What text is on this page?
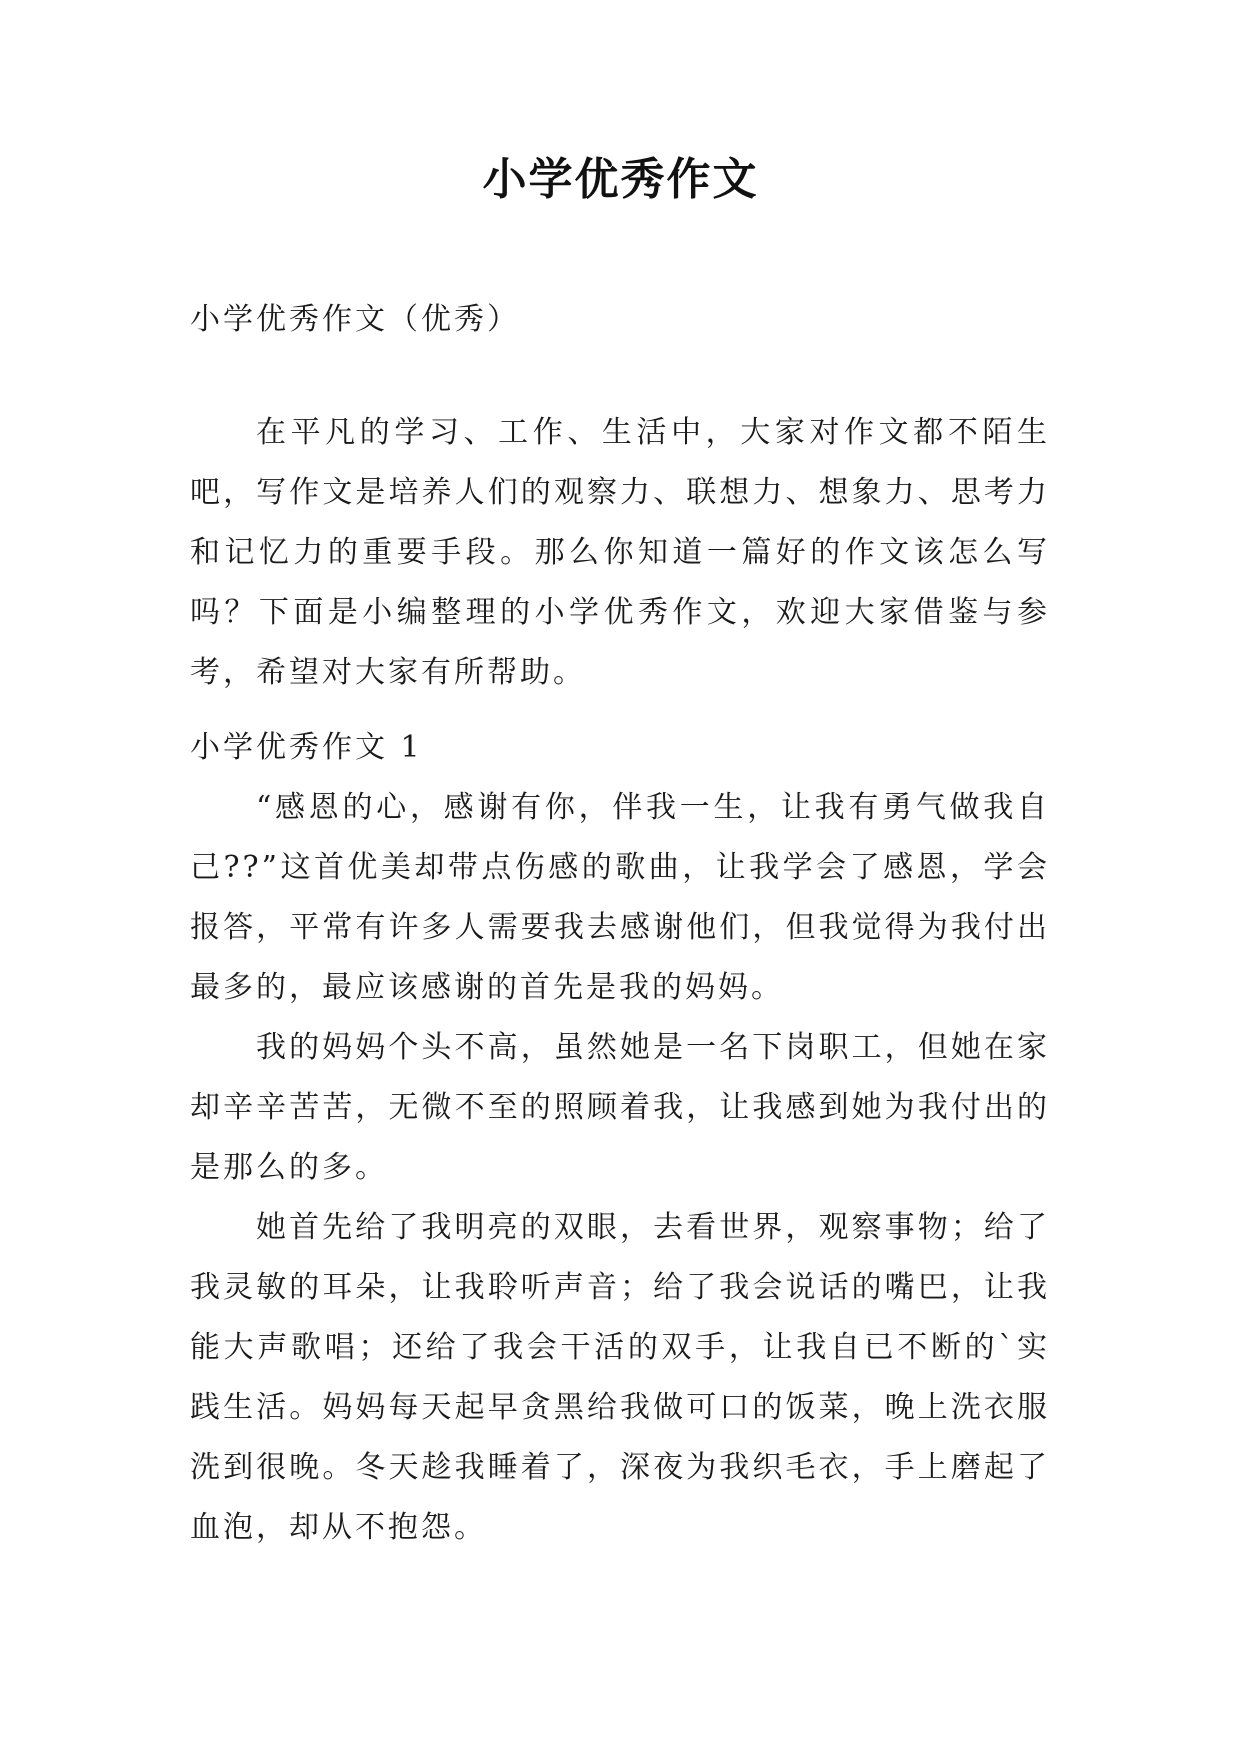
小学优秀作文
小学优秀作文（优秀）

在平凡的学习、工作、生活中，大家对作文都不陌生吧，写作文是培养人们的观察力、联想力、想象力、思考力和记忆力的重要手段。那么你知道一篇好的作文该怎么写吗？下面是小编整理的小学优秀作文，欢迎大家借鉴与参考，希望对大家有所帮助。

小学优秀作文 1

“感恩的心，感谢有你，伴我一生，让我有勇气做我自己??”这首优美却带点伤感的歌曲，让我学会了感恩，学会报答，平常有许多人需要我去感谢他们，但我觉得为我付出最多的，最应该感谢的首先是我的妈妈。

我的妈妈个头不高，虽然她是一名下岗职工，但她在家却辛辛苦苦，无微不至的照顾着我，让我感到她为我付出的是那么的多。

她首先给了我明亮的双眼，去看世界，观察事物；给了我灵敏的耳朵，让我聆听声音；给了我会说话的嘴巴，让我能大声歌唱；还给了我会干活的双手，让我自已不断的`实践生活。妈妈每天起早贪黑给我做可口的饭菜，晚上洗衣服洗到很晚。冬天趁我睡着了，深夜为我织毛衣，手上磨起了血泡，却从不抱怨。
